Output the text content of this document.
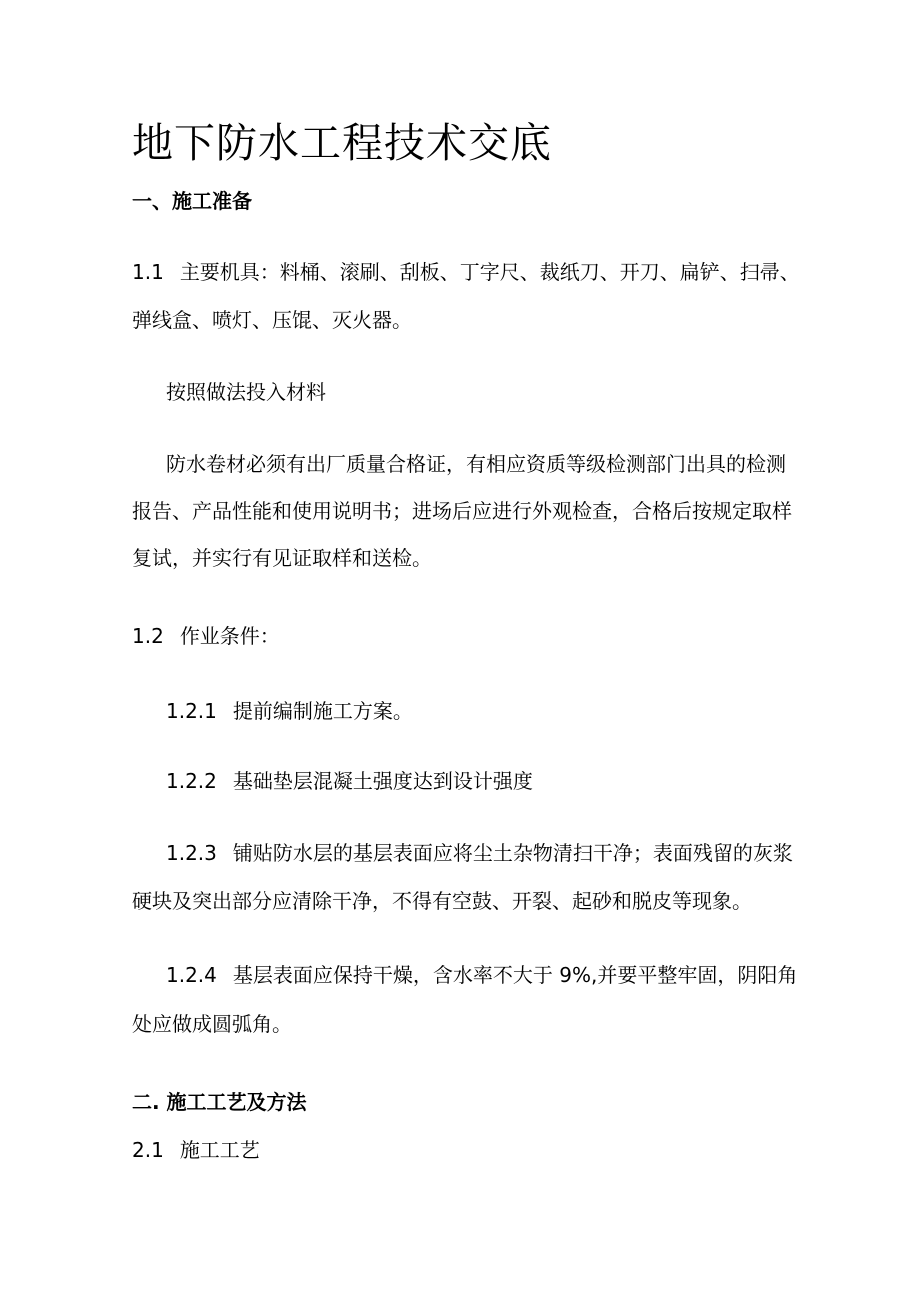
地下防水工程技术交底
一、施工准备
1.1 主要机具：料桶、滚刷、刮板、丁字尺、裁纸刀、开刀、扁铲、扫帚、
弹线盒、喷灯、压馄、灭火器。
按照做法投入材料
防水卷材必须有出厂质量合格证，有相应资质等级检测部门出具的检测
报告、产品性能和使用说明书；进场后应进行外观检查，合格后按规定取样
复试，并实行有见证取样和送检。
1.2 作业条件：
1.2.1 提前编制施工方案。
1.2.2 基础垫层混凝土强度达到设计强度
1.2.3 铺贴防水层的基层表面应将尘土杂物清扫干净；表面残留的灰浆
硬块及突出部分应清除干净，不得有空鼓、开裂、起砂和脱皮等现象。
1.2.4 基层表面应保持干燥，含水率不大于 9%,并要平整牢固，阴阳角
处应做成圆弧角。
二. 施工工艺及方法
2.1 施工工艺
